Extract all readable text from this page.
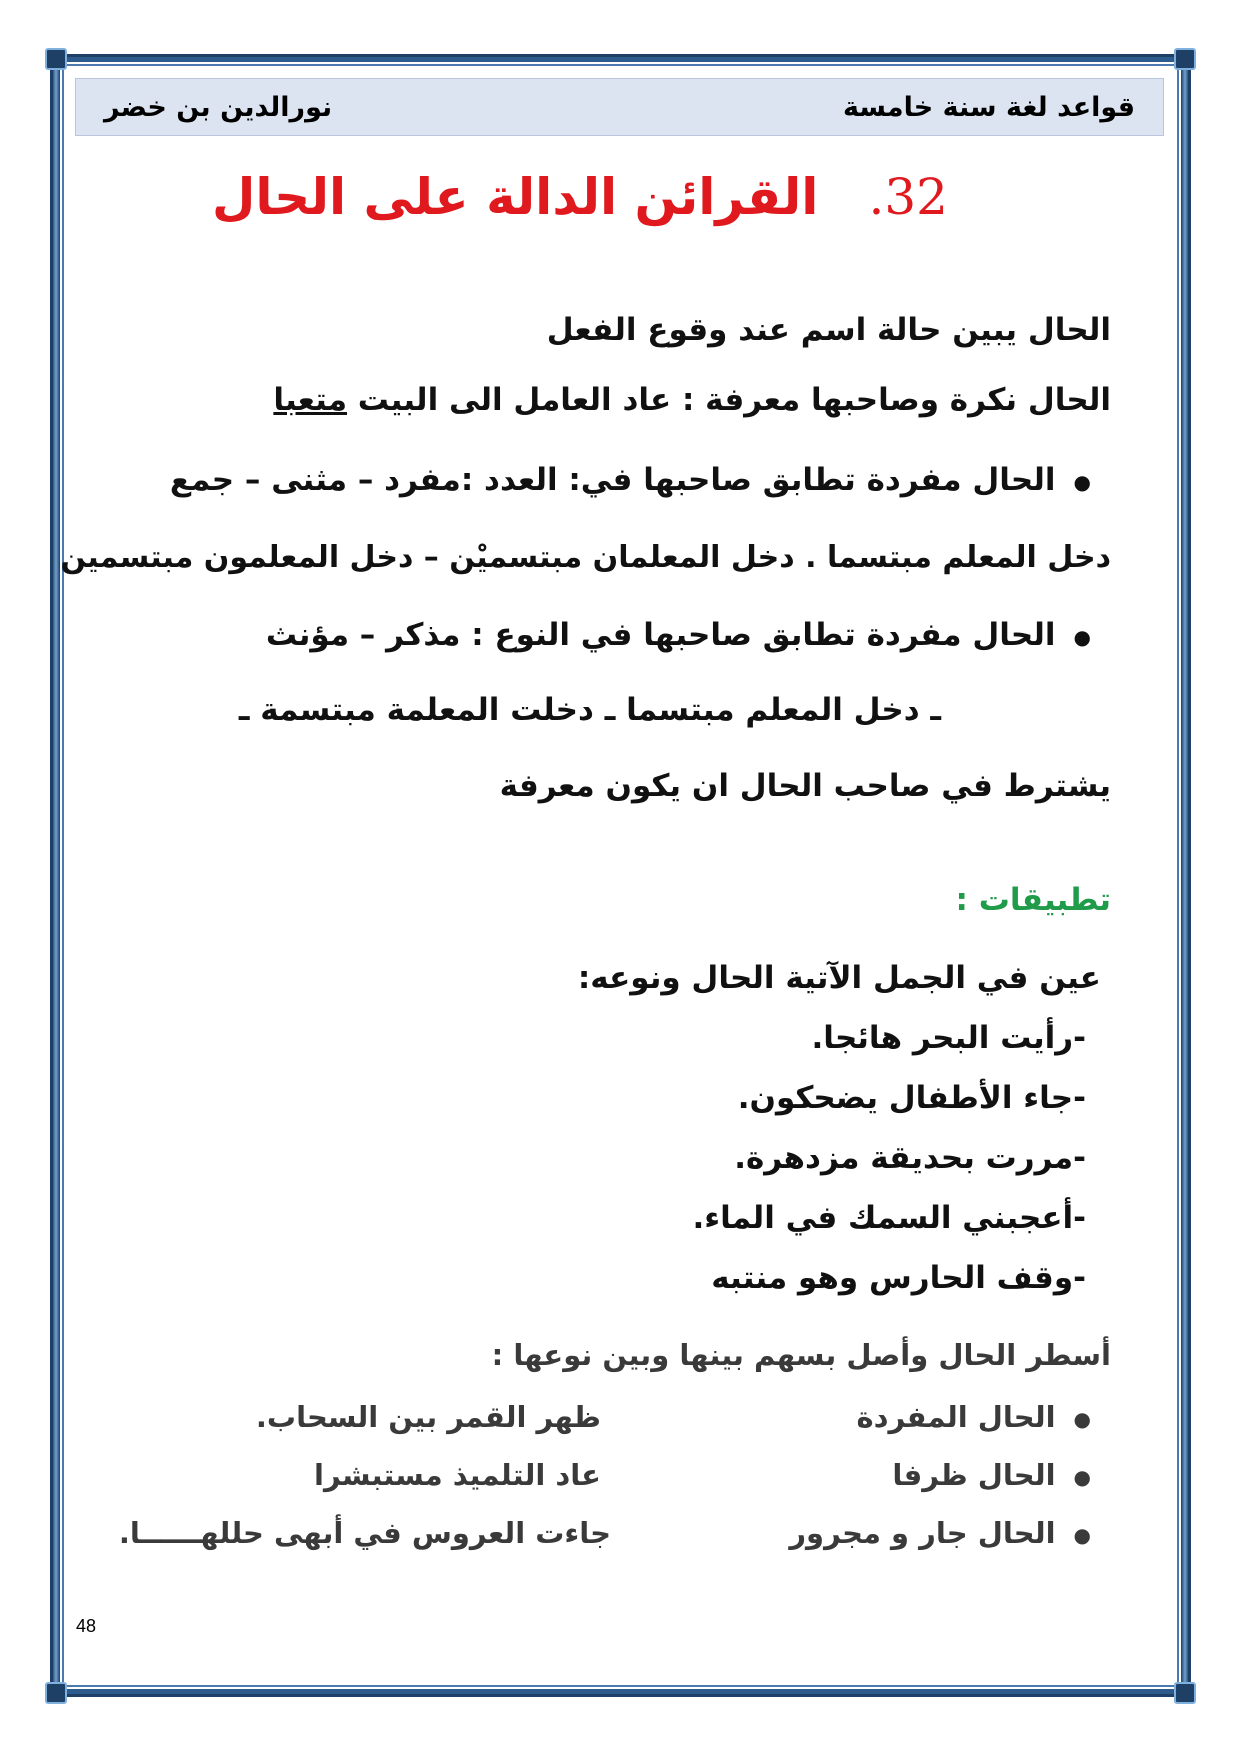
نورالدين بن خضر	قواعد لغة سنة خامسة
32.القرائن الدالة على الحال
الحال يبين حالة اسم عند وقوع الفعل
الحال نكرة وصاحبها معرفة : عاد العامل الى البيت متعبا
● الحال مفردة تطابق صاحبها في: العدد :مفرد – مثنى – جمع
دخل المعلم مبتسما . دخل المعلمان مبتسميْن – دخل المعلمون مبتسمين
● الحال مفردة تطابق صاحبها في النوع : مذكر – مؤنث
ـ دخل المعلم مبتسما ـ دخلت المعلمة مبتسمة ـ
يشترط في صاحب الحال ان يكون معرفة
تطبيقات :
عين في الجمل الآتية الحال ونوعه:
-رأيت البحر هائجا.
-جاء الأطفال يضحكون.
-مررت بحديقة مزدهرة.
-أعجبني السمك في الماء.
-وقف الحارس وهو منتبه
أسطر الحال وأصل بسهم بينها وبين نوعها :
● الحال المفردة
● الحال ظرفا
● الحال جار و مجرور
ظهر القمر بين السحاب.
عاد التلميذ مستبشرا
جاءت العروس في أبهى حللهــــــا.
48
